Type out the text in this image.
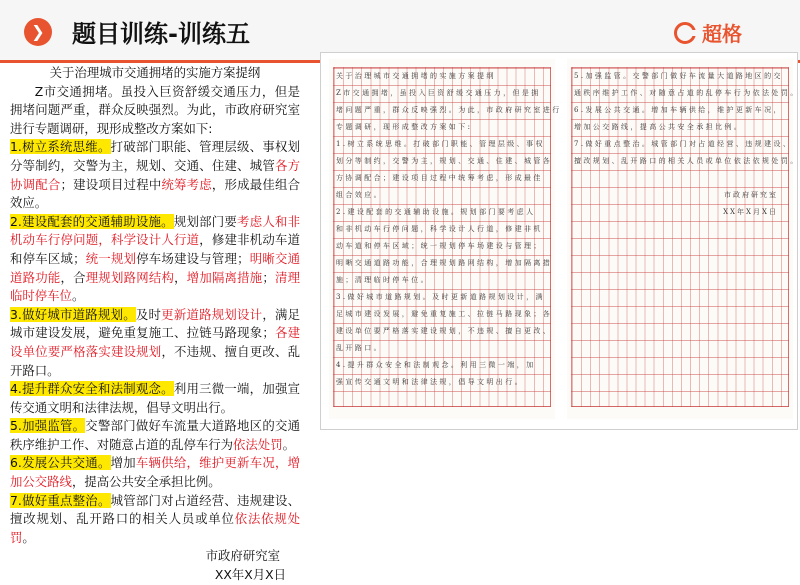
❯	题目训练-训练五	超格
关于治理城市交通拥堵的实施方案提纲

Z市交通拥堵。虽投入巨资舒缓交通压力，但是拥堵问题严重，群众反映强烈。为此，市政府研究室进行专题调研，现形成整改方案如下:

1.树立系统思维。打破部门职能、管理层级、事权划分等制约，交警为主，规划、交通、住建、城管各方协调配合；建设项目过程中统筹考虑，形成最佳组合效应。

2.建设配套的交通辅助设施。规划部门要考虑人和非机动车行停问题，科学设计人行道，修建非机动车道和停车区域；统一规划停车场建设与管理；明晰交通道路功能，合理规划路网结构，增加隔离措施；清理临时停车位。

3.做好城市道路规划。及时更新道路规划设计，满足城市建设发展，避免重复施工、拉链马路现象；各建设单位要严格落实建设规划，不违规、擅自更改、乱开路口。

4.提升群众安全和法制观念。利用三微一端，加强宣传交通文明和法律法规，倡导文明出行。

5.加强监管。交警部门做好车流量大道路地区的交通秩序维护工作、对随意占道的乱停车行为依法处罚。

6.发展公共交通。增加车辆供给，维护更新车况，增加公交路线，提高公共安全承担比例。

7.做好重点整治。城管部门对占道经营、违规建设、擅改规划、乱开路口的相关人员或单位依法依规处罚。

市政府研究室
XX年X月X日
关于治理城市交通拥堵的实施方案提纲
Z市交通拥堵，虽投入巨资舒缓交通压力，但是拥
堵问题严重，群众反映强烈。为此，市政府研究室进行
专题调研，现形成整改方案如下:
1.树立系统思维。打破部门职能、管理层级、事权
划分等制约，交警为主，规划、交通、住建、城管各
方协调配合；建设项目过程中统筹考虑，形成最佳
组合效应。
2.建设配套的交通辅助设施。规划部门要考虑人
和非机动车行停问题，科学设计人行道，修建非机
动车道和停车区域；统一规划停车场建设与管理；
明晰交通道路功能，合理规划路网结构，增加隔离措
施；清理临时停车位。
3.做好城市道路规划。及时更新道路规划设计，满
足城市建设发展，避免重复施工、拉链马路现象；各
建设单位要严格落实建设规划，不违规、擅自更改、
乱开路口。
4.提升群众安全和法制观念。利用三微一端，加
强宣传交通文明和法律法规，倡导文明出行。
5.加强监管。交警部门做好车流量大道路地区的交
通秩序维护工作、对随意占道的乱停车行为依法处罚。
6.发展公共交通。增加车辆供给，维护更新车况，
增加公交路线，提高公共安全承担比例。
7.做好重点整治。城管部门对占道经营、违规建设、
擅改规划、乱开路口的相关人员或单位依法依规处罚。
市政府研究室
XX年X月X日
